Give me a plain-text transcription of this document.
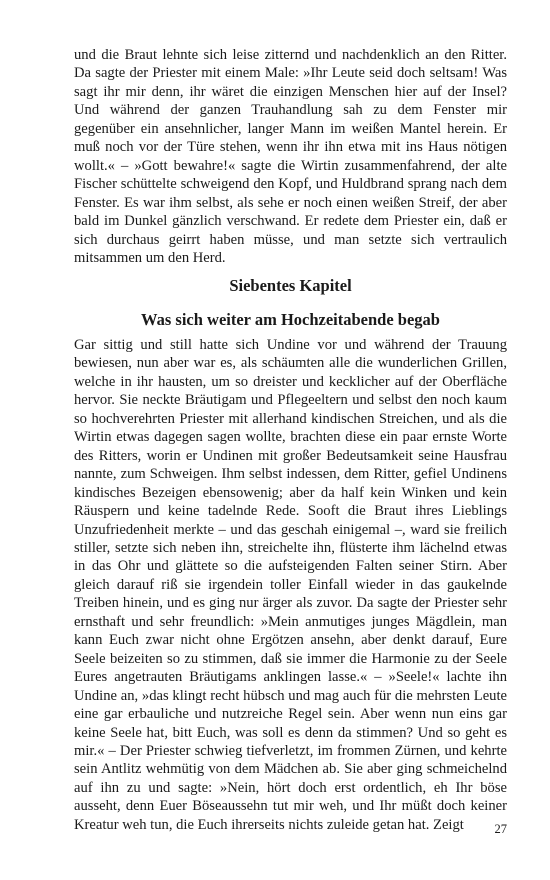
und die Braut lehnte sich leise zitternd und nachdenklich an den Ritter. Da sagte der Priester mit einem Male: »Ihr Leute seid doch seltsam! Was sagt ihr mir denn, ihr wäret die einzigen Menschen hier auf der Insel? Und während der ganzen Trauhandlung sah zu dem Fenster mir gegenüber ein ansehnlicher, langer Mann im weißen Mantel herein. Er muß noch vor der Türe stehen, wenn ihr ihn etwa mit ins Haus nötigen wollt.« – »Gott bewahre!« sagte die Wirtin zusammenfahrend, der alte Fischer schüttelte schweigend den Kopf, und Huldbrand sprang nach dem Fenster. Es war ihm selbst, als sehe er noch einen weißen Streif, der aber bald im Dunkel gänzlich verschwand. Er redete dem Priester ein, daß er sich durchaus geirrt haben müsse, und man setzte sich vertraulich mitsammen um den Herd.

Siebentes Kapitel
Was sich weiter am Hochzeitabende begab

Gar sittig und still hatte sich Undine vor und während der Trauung bewiesen, nun aber war es, als schäumten alle die wunderlichen Grillen, welche in ihr hausten, um so dreister und kecklicher auf der Oberfläche hervor. Sie neckte Bräutigam und Pflegeeltern und selbst den noch kaum so hochverehrten Priester mit allerhand kindischen Streichen, und als die Wirtin etwas dagegen sagen wollte, brachten diese ein paar ernste Worte des Ritters, worin er Undinen mit großer Bedeutsamkeit seine Hausfrau nannte, zum Schweigen. Ihm selbst indessen, dem Ritter, gefiel Undinens kindisches Bezeigen ebensowenig; aber da half kein Winken und kein Räuspern und keine tadelnde Rede. Sooft die Braut ihres Lieblings Unzufriedenheit merkte – und das geschah einigemal –, ward sie freilich stiller, setzte sich neben ihn, streichelte ihn, flüsterte ihm lächelnd etwas in das Ohr und glättete so die aufsteigenden Falten seiner Stirn. Aber gleich darauf riß sie irgendein toller Einfall wieder in das gaukelnde Treiben hinein, und es ging nur ärger als zuvor. Da sagte der Priester sehr ernsthaft und sehr freundlich: »Mein anmutiges junges Mägdlein, man kann Euch zwar nicht ohne Ergötzen ansehn, aber denkt darauf, Eure Seele beizeiten so zu stimmen, daß sie immer die Harmonie zu der Seele Eures angetrauten Bräutigams anklingen lasse.« – »Seele!« lachte ihn Undine an, »das klingt recht hübsch und mag auch für die mehrsten Leute eine gar erbauliche und nutzreiche Regel sein. Aber wenn nun eins gar keine Seele hat, bitt Euch, was soll es denn da stimmen? Und so geht es mir.« – Der Priester schwieg tiefverletzt, im frommen Zürnen, und kehrte sein Antlitz wehmütig von dem Mädchen ab. Sie aber ging schmeichelnd auf ihn zu und sagte: »Nein, hört doch erst ordentlich, eh Ihr böse ausseht, denn Euer Böseaussehn tut mir weh, und Ihr müßt doch keiner Kreatur weh tun, die Euch ihrerseits nichts zuleide getan hat. Zeigt	27
